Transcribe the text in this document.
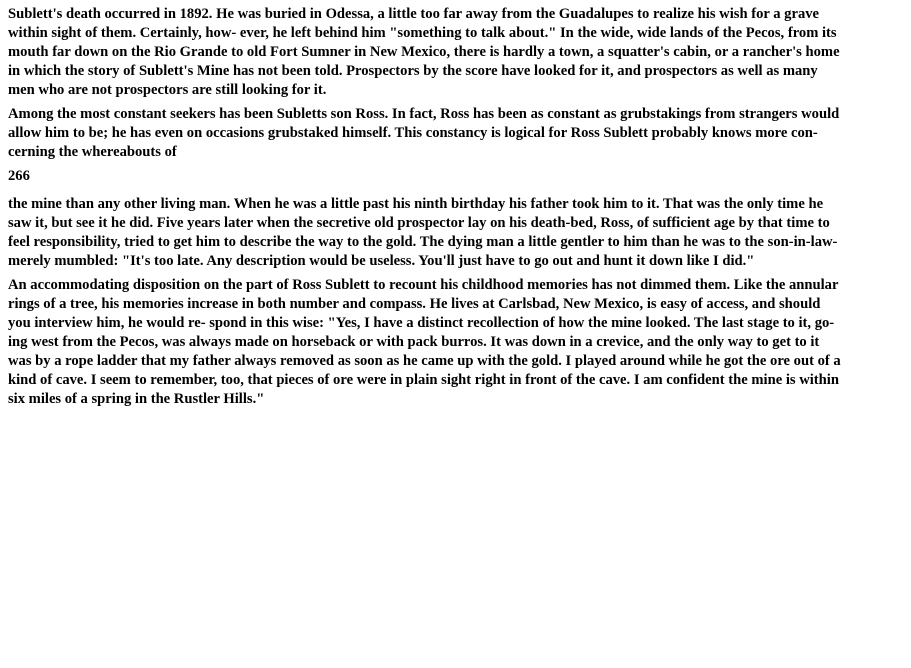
Sublett's death occurred in 1892. He was buried in Odessa, a little too far away from the Guadalupes to realize his wish for a grave
within sight of them. Certainly, how- ever, he left behind him "something to talk about." In the wide, wide lands of the Pecos, from its
mouth far down on the Rio Grande to old Fort Sumner in New Mexico, there is hardly a town, a squatter's cabin, or a rancher's home
in which the story of Sublett's Mine has not been told. Prospectors by the score have looked for it, and prospectors as well as many
men who are not prospectors are still looking for it.

Among the most constant seekers has been Subletts son Ross. In fact, Ross has been as constant as grubstakings from strangers would
allow him to be; he has even on occasions grubstaked himself. This constancy is logical for Ross Sublett probably knows more con-
cerning the whereabouts of

266

the mine than any other living man. When he was a little past his ninth birthday his father took him to it. That was the only time he
saw it, but see it he did. Five years later when the secretive old prospector lay on his death-bed, Ross, of sufficient age by that time to
feel responsibility, tried to get him to describe the way to the gold. The dying man a little gentler to him than he was to the son-in-law-
merely mumbled: "It's too late. Any description would be useless. You'll just have to go out and hunt it down like I did."

An accommodating disposition on the part of Ross Sublett to recount his childhood memories has not dimmed them. Like the annular
rings of a tree, his memories increase in both number and compass. He lives at Carlsbad, New Mexico, is easy of access, and should
you interview him, he would re- spond in this wise: "Yes, I have a distinct recollection of how the mine looked. The last stage to it, go-
ing west from the Pecos, was always made on horseback or with pack burros. It was down in a crevice, and the only way to get to it
was by a rope ladder that my father always removed as soon as he came up with the gold. I played around while he got the ore out of a
kind of cave. I seem to remember, too, that pieces of ore were in plain sight right in front of the cave. I am confident the mine is within
six miles of a spring in the Rustler Hills."
